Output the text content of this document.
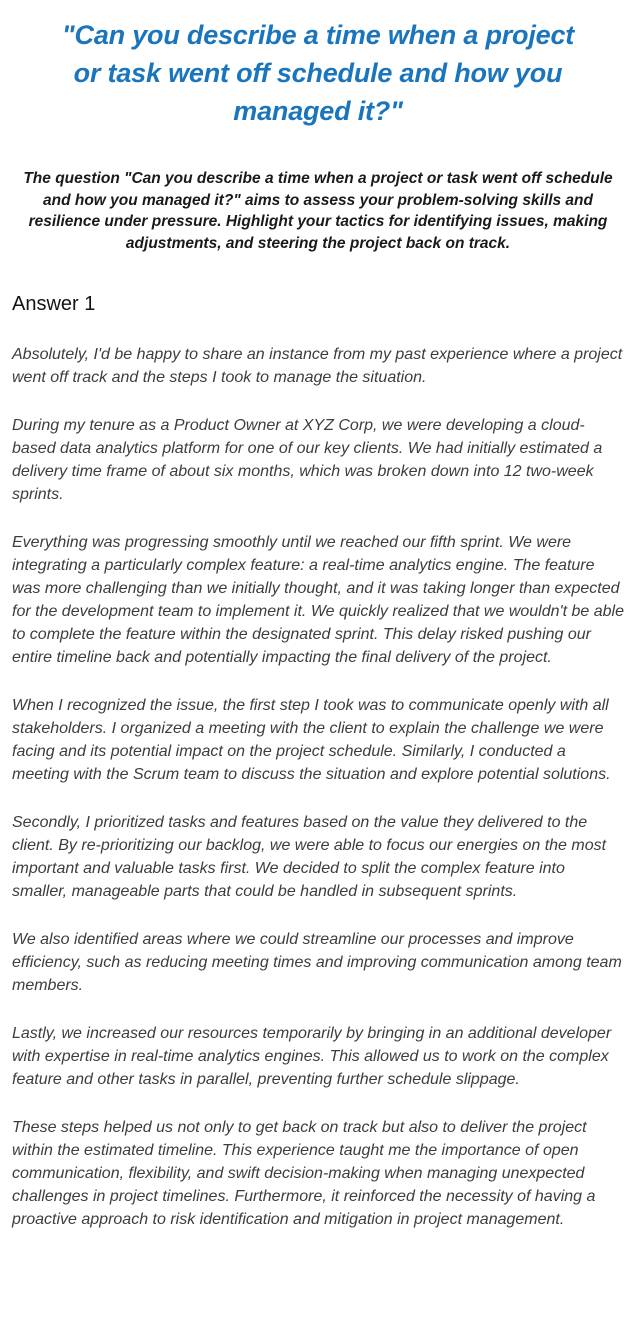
"Can you describe a time when a project or task went off schedule and how you managed it?"

The question "Can you describe a time when a project or task went off schedule and how you managed it?" aims to assess your problem-solving skills and resilience under pressure. Highlight your tactics for identifying issues, making adjustments, and steering the project back on track.

Answer 1

Absolutely, I'd be happy to share an instance from my past experience where a project went off track and the steps I took to manage the situation.

During my tenure as a Product Owner at XYZ Corp, we were developing a cloud-based data analytics platform for one of our key clients. We had initially estimated a delivery time frame of about six months, which was broken down into 12 two-week sprints.

Everything was progressing smoothly until we reached our fifth sprint. We were integrating a particularly complex feature: a real-time analytics engine. The feature was more challenging than we initially thought, and it was taking longer than expected for the development team to implement it. We quickly realized that we wouldn't be able to complete the feature within the designated sprint. This delay risked pushing our entire timeline back and potentially impacting the final delivery of the project.

When I recognized the issue, the first step I took was to communicate openly with all stakeholders. I organized a meeting with the client to explain the challenge we were facing and its potential impact on the project schedule. Similarly, I conducted a meeting with the Scrum team to discuss the situation and explore potential solutions.

Secondly, I prioritized tasks and features based on the value they delivered to the client. By re-prioritizing our backlog, we were able to focus our energies on the most important and valuable tasks first. We decided to split the complex feature into smaller, manageable parts that could be handled in subsequent sprints.

We also identified areas where we could streamline our processes and improve efficiency, such as reducing meeting times and improving communication among team members.

Lastly, we increased our resources temporarily by bringing in an additional developer with expertise in real-time analytics engines. This allowed us to work on the complex feature and other tasks in parallel, preventing further schedule slippage.

These steps helped us not only to get back on track but also to deliver the project within the estimated timeline. This experience taught me the importance of open communication, flexibility, and swift decision-making when managing unexpected challenges in project timelines. Furthermore, it reinforced the necessity of having a proactive approach to risk identification and mitigation in project management.
